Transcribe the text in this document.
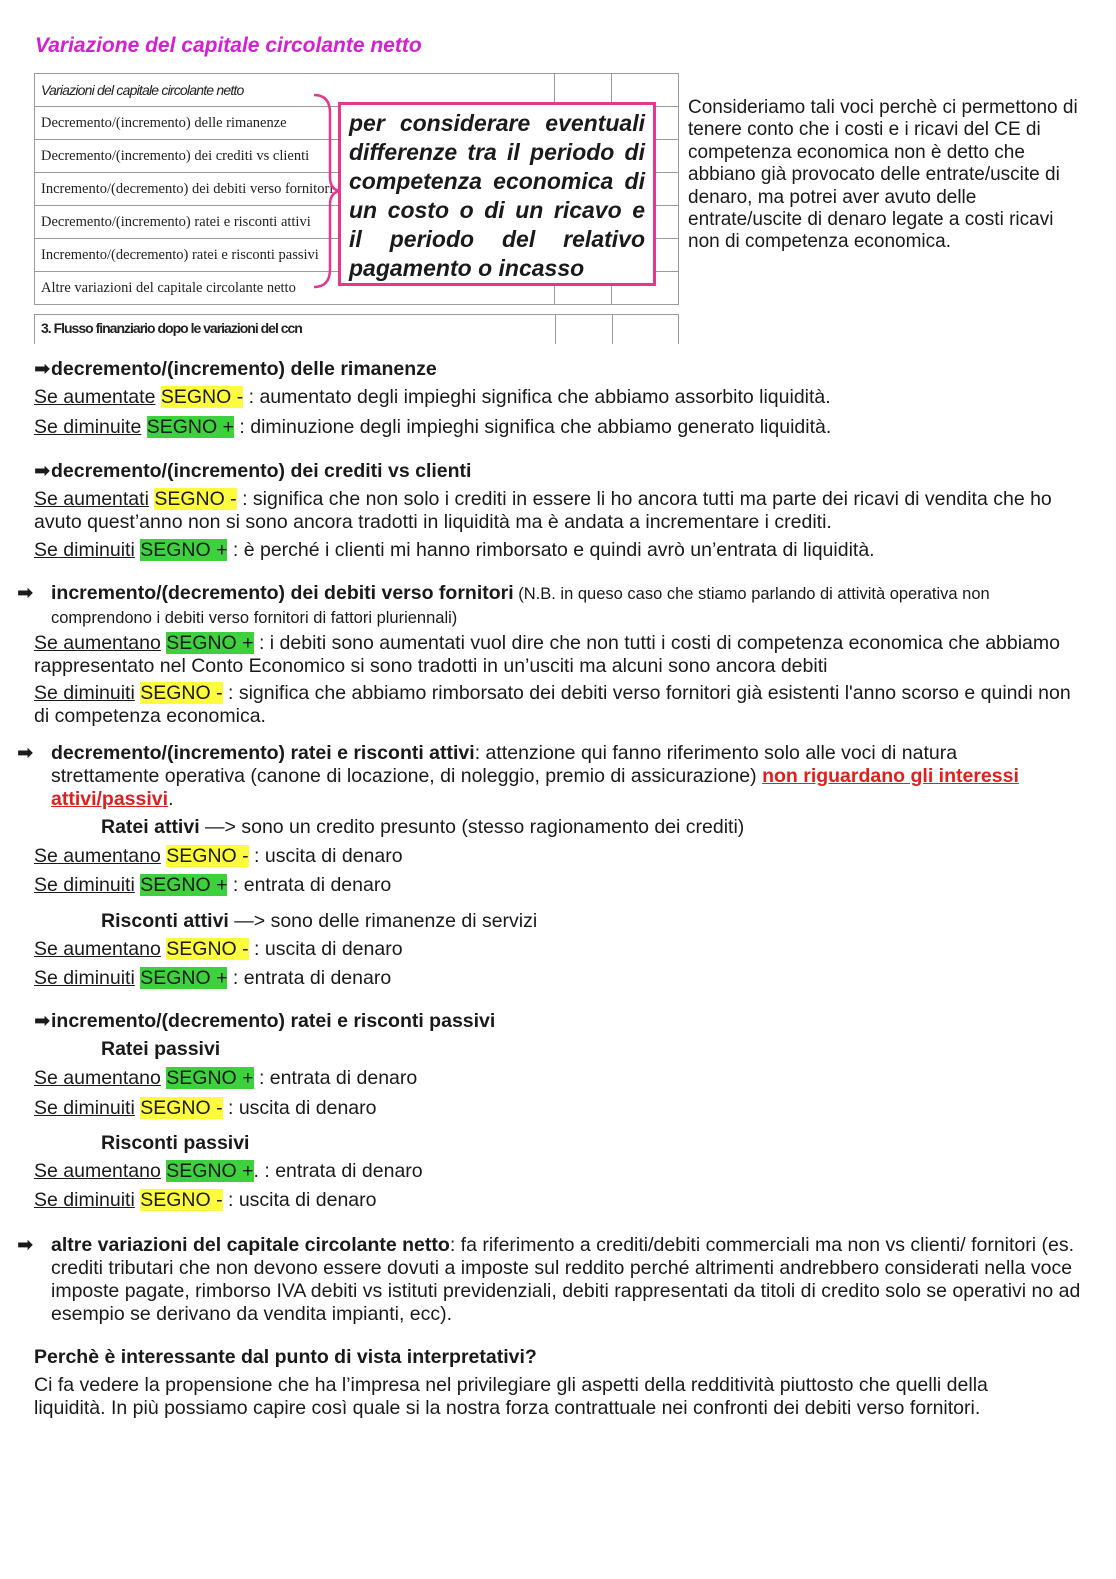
Variazione del capitale circolante netto
Variazioni del capitale circolante netto		
Decremento/(incremento) delle rimanenze		
Decremento/(incremento) dei crediti vs clienti		
Incremento/(decremento) dei debiti verso fornitori		
Decremento/(incremento) ratei e risconti attivi		
Incremento/(decremento) ratei e risconti passivi		
Altre variazioni del capitale circolante netto		
3. Flusso finanziario dopo le variazioni del ccn
per considerare eventuali
differenze tra il periodo di
competenza economica di
un costo o di un ricavo e
il periodo del relativo
pagamento o incasso

Consideriamo tali voci perchè ci permettono di tenere conto che i costi e i ricavi del CE di competenza economica non è detto che abbiano già provocato delle entrate/uscite di denaro, ma potrei aver avuto delle entrate/uscite di denaro legate a costi ricavi non di competenza economica.

➡decremento/(incremento) delle rimanenze
Se aumentate SEGNO - : aumentato degli impieghi significa che abbiamo assorbito liquidità.
Se diminuite SEGNO + : diminuzione degli impieghi significa che abbiamo generato liquidità.
➡decremento/(incremento) dei crediti vs clienti

Se aumentati SEGNO - : significa che non solo i crediti in essere li ho ancora tutti ma parte dei ricavi di vendita che ho avuto quest’anno non si sono ancora tradotti in liquidità ma è andata a incrementare i crediti.

Se diminuiti SEGNO + : è perché i clienti mi hanno rimborsato e quindi avrò un’entrata di liquidità.

➡ incremento/(decremento) dei debiti verso fornitori (N.B. in queso caso che stiamo parlando di attività operativa non comprendono i debiti verso fornitori di fattori pluriennali)

Se aumentano SEGNO + : i debiti sono aumentati vuol dire che non tutti i costi di competenza economica che abbiamo rappresentato nel Conto Economico si sono tradotti in un’usciti ma alcuni sono ancora debiti

Se diminuiti SEGNO - : significa che abbiamo rimborsato dei debiti verso fornitori già esistenti l'anno scorso e quindi non di competenza economica.

➡ decremento/(incremento) ratei e risconti attivi: attenzione qui fanno riferimento solo alle voci di natura strettamente operativa (canone di locazione, di noleggio, premio di assicurazione) non riguardano gli interessi attivi/passivi.

Ratei attivi —> sono un credito presunto (stesso ragionamento dei crediti)
Se aumentano SEGNO - : uscita di denaro
Se diminuiti SEGNO + : entrata di denaro
Risconti attivi —> sono delle rimanenze di servizi
Se aumentano SEGNO - : uscita di denaro
Se diminuiti SEGNO + : entrata di denaro
➡incremento/(decremento) ratei e risconti passivi
Ratei passivi
Se aumentano SEGNO + : entrata di denaro
Se diminuiti SEGNO - : uscita di denaro
Risconti passivi
Se aumentano SEGNO +. : entrata di denaro
Se diminuiti SEGNO - : uscita di denaro

➡ altre variazioni del capitale circolante netto: fa riferimento a crediti/debiti commerciali ma non vs clienti/ fornitori (es. crediti tributari che non devono essere dovuti a imposte sul reddito perché altrimenti andrebbero considerati nella voce imposte pagate, rimborso IVA debiti vs istituti previdenziali, debiti rappresentati da titoli di credito solo se operativi no ad esempio se derivano da vendita impianti, ecc).

Perchè è interessante dal punto di vista interpretativi?

Ci fa vedere la propensione che ha l’impresa nel privilegiare gli aspetti della redditività piuttosto che quelli della liquidità. In più possiamo capire così quale si la nostra forza contrattuale nei confronti dei debiti verso fornitori.
